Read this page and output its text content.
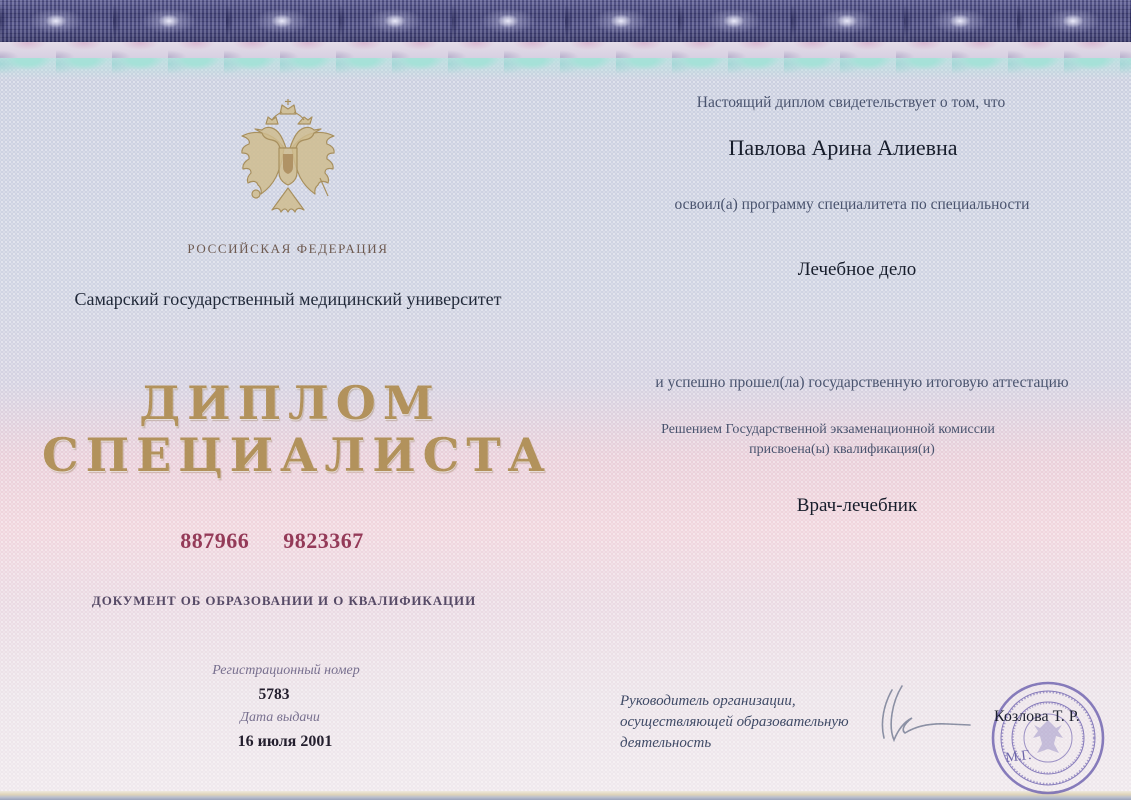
РОССИЙСКАЯ ФЕДЕРАЦИЯ
Самарский государственный медицинский университет
ДИПЛОМ
СПЕЦИАЛИСТА
887966 9823367
ДОКУМЕНТ ОБ ОБРАЗОВАНИИ И О КВАЛИФИКАЦИИ
Регистрационный номер
5783
Дата выдачи
16 июля 2001
Настоящий диплом свидетельствует о том, что
Павлова Арина Алиевна
освоил(а) программу специалитета по специальности
Лечебное дело
и успешно прошел(ла) государственную итоговую аттестацию
Решением Государственной экзаменационной комиссии
присвоена(ы) квалификация(и)
Врач-лечебник
Руководитель организации,
осуществляющей образовательную
деятельность
М.Г.
Козлова Т. Р.
